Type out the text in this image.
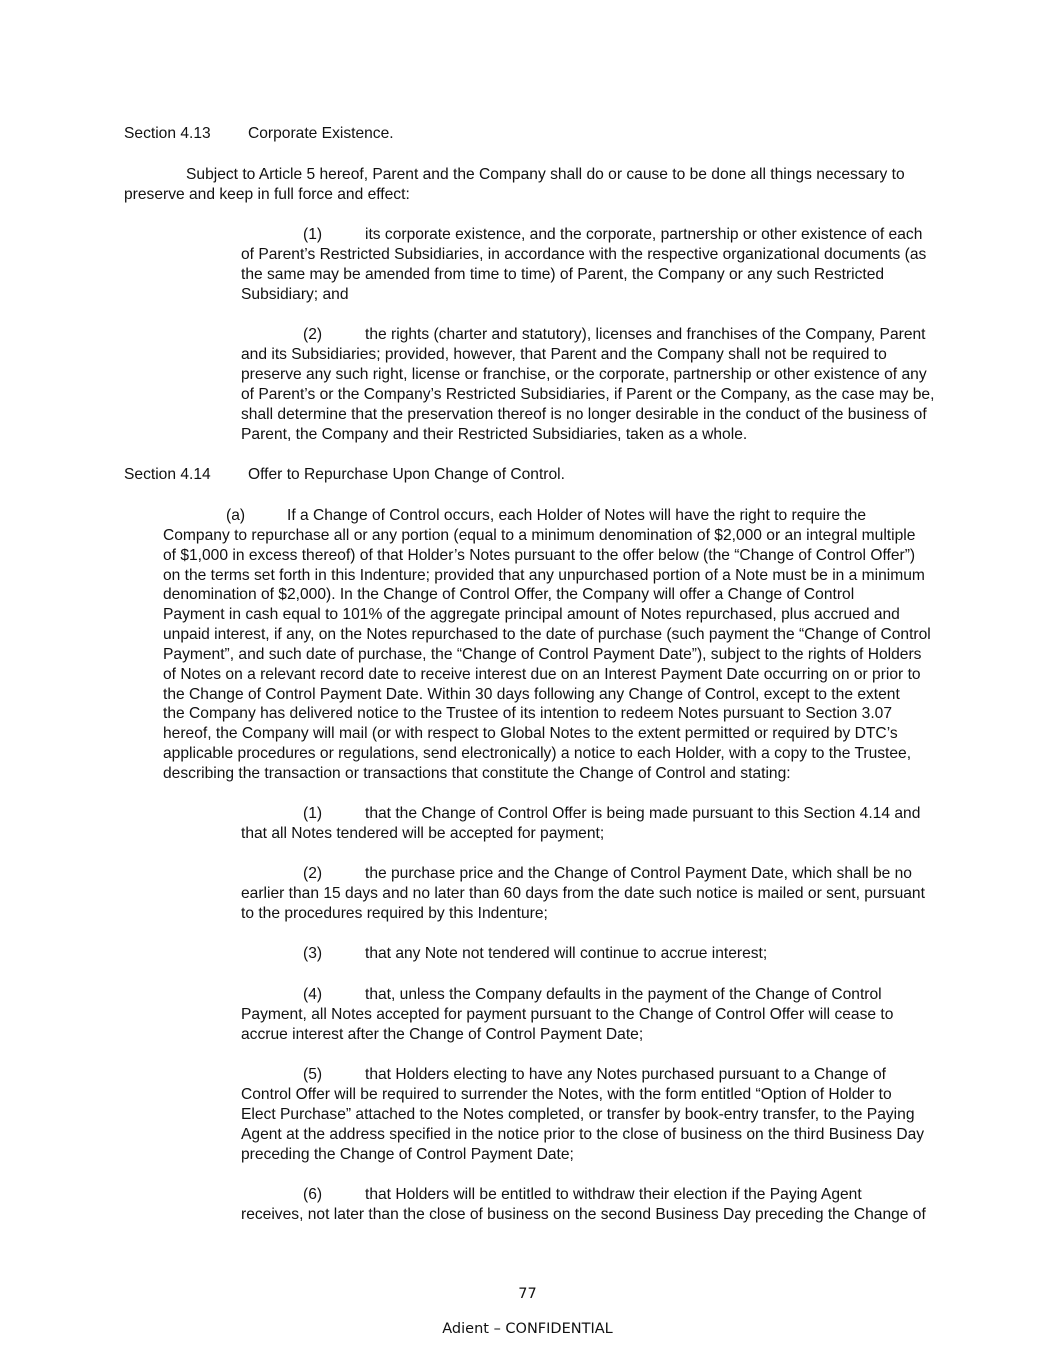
Section 4.13 Corporate Existence.
Subject to Article 5 hereof, Parent and the Company shall do or cause to be done all things necessary to
preserve and keep in full force and effect:
(1)	its corporate existence, and the corporate, partnership or other existence of each
of Parent’s Restricted Subsidiaries, in accordance with the respective organizational documents (as
the same may be amended from time to time) of Parent, the Company or any such Restricted
Subsidiary; and
(2)	the rights (charter and statutory), licenses and franchises of the Company, Parent
and its Subsidiaries; provided, however, that Parent and the Company shall not be required to
preserve any such right, license or franchise, or the corporate, partnership or other existence of any
of Parent’s or the Company’s Restricted Subsidiaries, if Parent or the Company, as the case may be,
shall determine that the preservation thereof is no longer desirable in the conduct of the business of
Parent, the Company and their Restricted Subsidiaries, taken as a whole.
Section 4.14 Offer to Repurchase Upon Change of Control.
(a)	If a Change of Control occurs, each Holder of Notes will have the right to require the
Company to repurchase all or any portion (equal to a minimum denomination of $2,000 or an integral multiple
of $1,000 in excess thereof) of that Holder’s Notes pursuant to the offer below (the “Change of Control Offer”)
on the terms set forth in this Indenture; provided that any unpurchased portion of a Note must be in a minimum
denomination of $2,000). In the Change of Control Offer, the Company will offer a Change of Control
Payment in cash equal to 101% of the aggregate principal amount of Notes repurchased, plus accrued and
unpaid interest, if any, on the Notes repurchased to the date of purchase (such payment the “Change of Control
Payment”, and such date of purchase, the “Change of Control Payment Date”), subject to the rights of Holders
of Notes on a relevant record date to receive interest due on an Interest Payment Date occurring on or prior to
the Change of Control Payment Date. Within 30 days following any Change of Control, except to the extent
the Company has delivered notice to the Trustee of its intention to redeem Notes pursuant to Section 3.07
hereof, the Company will mail (or with respect to Global Notes to the extent permitted or required by DTC’s
applicable procedures or regulations, send electronically) a notice to each Holder, with a copy to the Trustee,
describing the transaction or transactions that constitute the Change of Control and stating:
(1)	that the Change of Control Offer is being made pursuant to this Section 4.14 and
that all Notes tendered will be accepted for payment;
(2)	the purchase price and the Change of Control Payment Date, which shall be no
earlier than 15 days and no later than 60 days from the date such notice is mailed or sent, pursuant
to the procedures required by this Indenture;
(3)	that any Note not tendered will continue to accrue interest;
(4)	that, unless the Company defaults in the payment of the Change of Control
Payment, all Notes accepted for payment pursuant to the Change of Control Offer will cease to
accrue interest after the Change of Control Payment Date;
(5)	that Holders electing to have any Notes purchased pursuant to a Change of
Control Offer will be required to surrender the Notes, with the form entitled “Option of Holder to
Elect Purchase” attached to the Notes completed, or transfer by book-entry transfer, to the Paying
Agent at the address specified in the notice prior to the close of business on the third Business Day
preceding the Change of Control Payment Date;
(6)	that Holders will be entitled to withdraw their election if the Paying Agent
receives, not later than the close of business on the second Business Day preceding the Change of
77
Adient – CONFIDENTIAL
